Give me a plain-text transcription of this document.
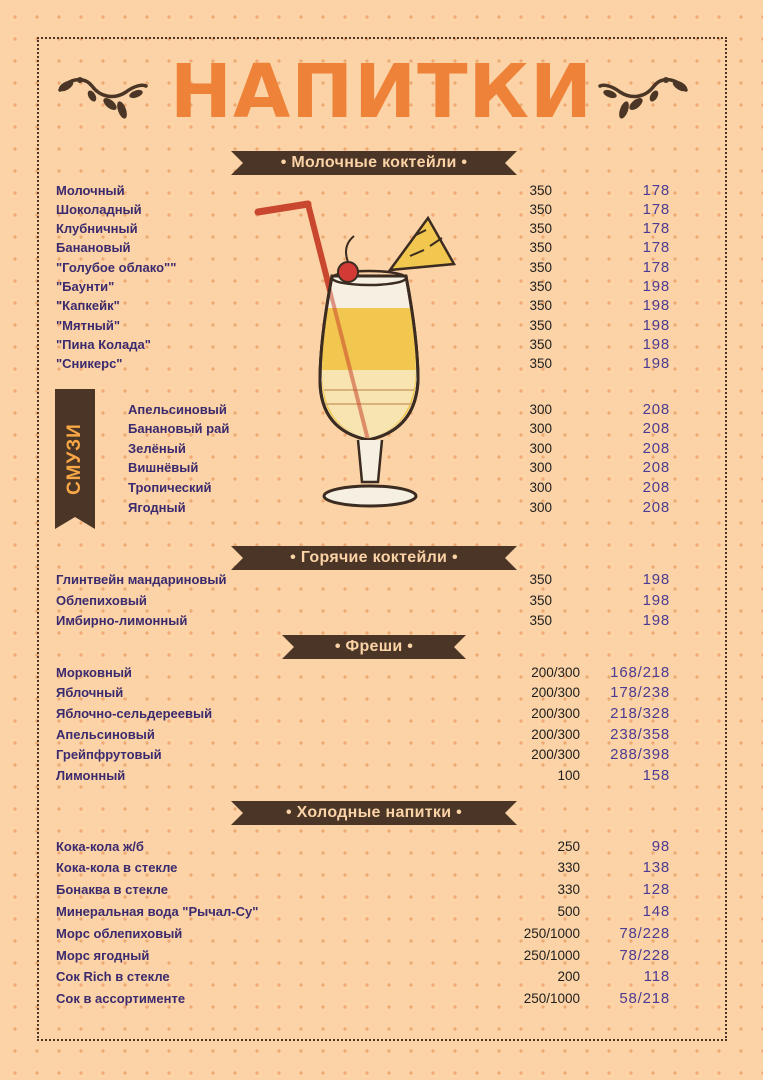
НАПИТКИ
• Молочные коктейли •
Молочный	350	178
Шоколадный	350	178
Клубничный	350	178
Банановый	350	178
"Голубое облако""	350	178
"Баунти"	350	198
"Капкейк"	350	198
"Мятный"	350	198
"Пина Колада"	350	198
"Сникерс"	350	198
СМУЗИ
Апельсиновый	300	208
Банановый рай	300	208
Зелёный	300	208
Вишнёвый	300	208
Тропический	300	208
Ягодный	300	208
• Горячие коктейли •
Глинтвейн мандариновый	350	198
Облепиховый	350	198
Имбирно-лимонный	350	198
• Фреши •
Морковный	200/300	168/218
Яблочный	200/300	178/238
Яблочно-сельдереевый	200/300	218/328
Апельсиновый	200/300	238/358
Грейпфрутовый	200/300	288/398
Лимонный	100	158
• Холодные напитки •
Кока-кола ж/б	250	98
Кока-кола в стекле	330	138
Бонаква в стекле	330	128
Минеральная вода "Рычал-Су"	500	148
Морс облепиховый	250/1000	78/228
Морс ягодный	250/1000	78/228
Сок Rich в стекле	200	118
Сок в ассортименте	250/1000	58/218
